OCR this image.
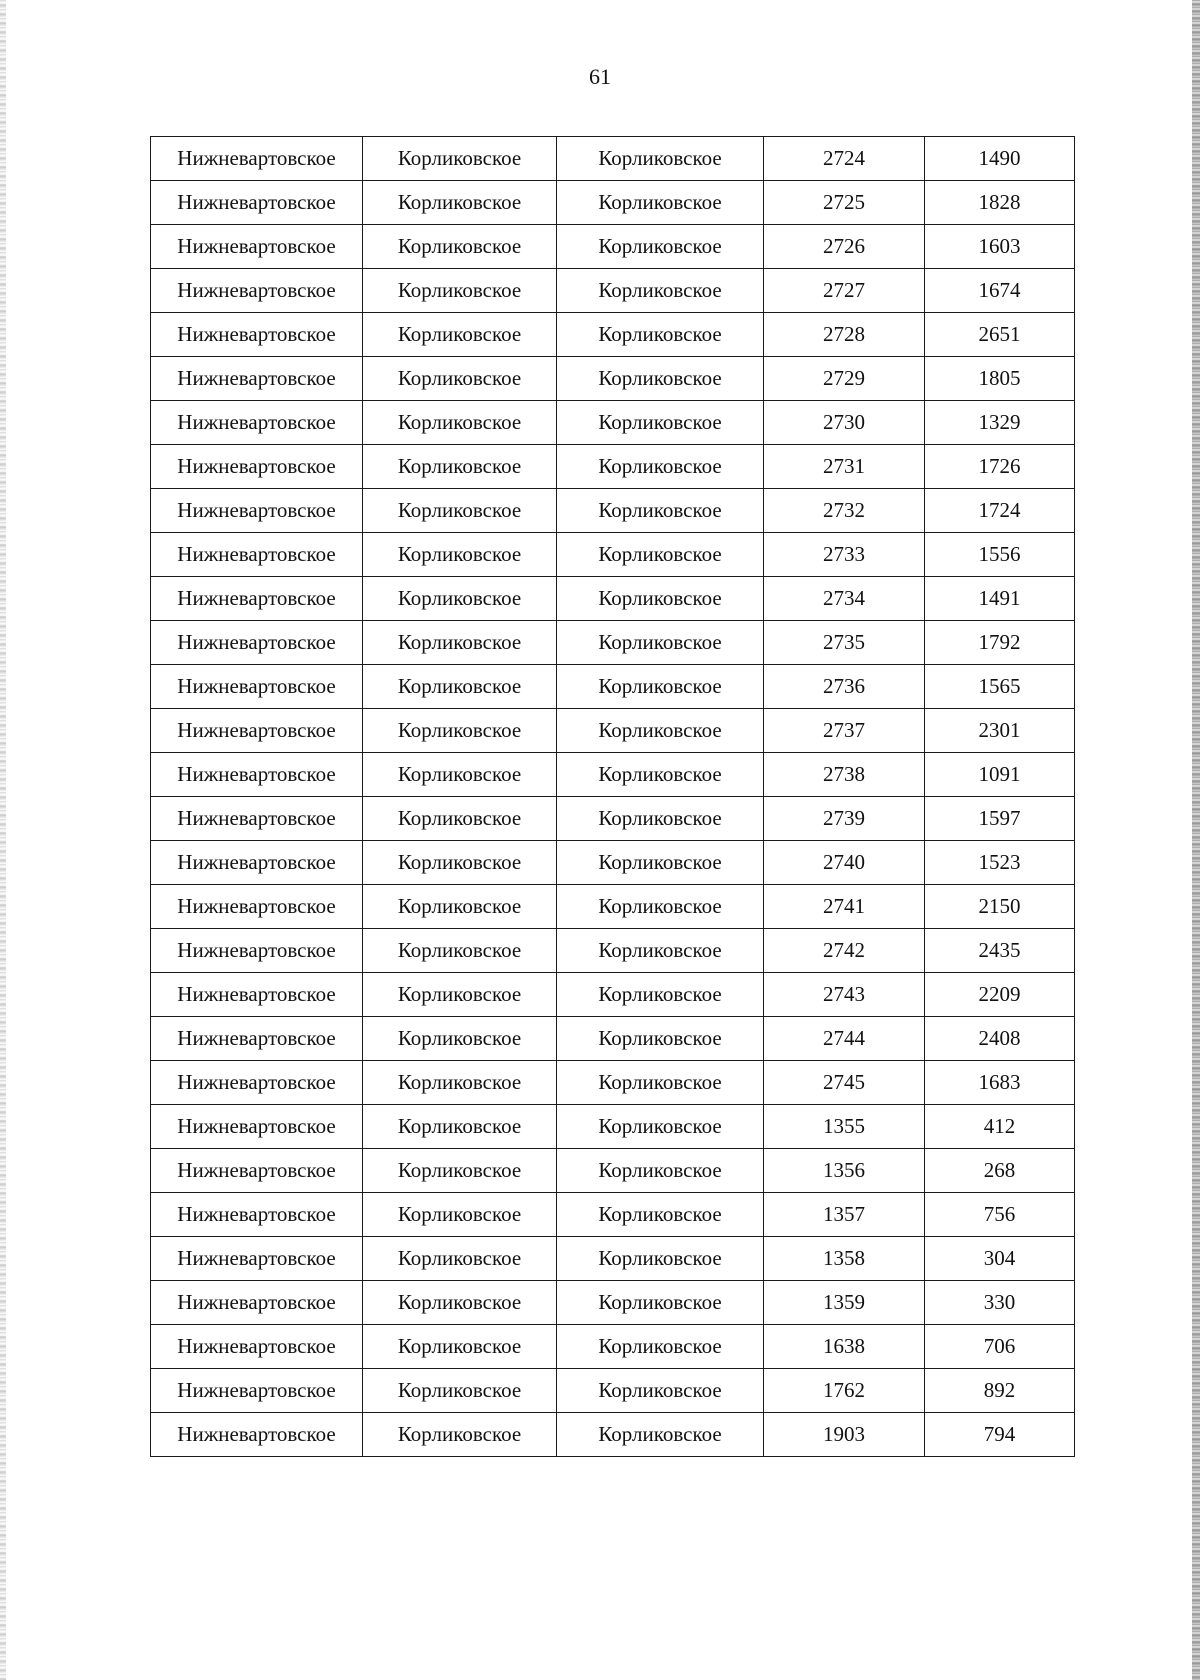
61
Нижневартовское	Корликовское	Корликовское	2724	1490
Нижневартовское	Корликовское	Корликовское	2725	1828
Нижневартовское	Корликовское	Корликовское	2726	1603
Нижневартовское	Корликовское	Корликовское	2727	1674
Нижневартовское	Корликовское	Корликовское	2728	2651
Нижневартовское	Корликовское	Корликовское	2729	1805
Нижневартовское	Корликовское	Корликовское	2730	1329
Нижневартовское	Корликовское	Корликовское	2731	1726
Нижневартовское	Корликовское	Корликовское	2732	1724
Нижневартовское	Корликовское	Корликовское	2733	1556
Нижневартовское	Корликовское	Корликовское	2734	1491
Нижневартовское	Корликовское	Корликовское	2735	1792
Нижневартовское	Корликовское	Корликовское	2736	1565
Нижневартовское	Корликовское	Корликовское	2737	2301
Нижневартовское	Корликовское	Корликовское	2738	1091
Нижневартовское	Корликовское	Корликовское	2739	1597
Нижневартовское	Корликовское	Корликовское	2740	1523
Нижневартовское	Корликовское	Корликовское	2741	2150
Нижневартовское	Корликовское	Корликовское	2742	2435
Нижневартовское	Корликовское	Корликовское	2743	2209
Нижневартовское	Корликовское	Корликовское	2744	2408
Нижневартовское	Корликовское	Корликовское	2745	1683
Нижневартовское	Корликовское	Корликовское	1355	412
Нижневартовское	Корликовское	Корликовское	1356	268
Нижневартовское	Корликовское	Корликовское	1357	756
Нижневартовское	Корликовское	Корликовское	1358	304
Нижневартовское	Корликовское	Корликовское	1359	330
Нижневартовское	Корликовское	Корликовское	1638	706
Нижневартовское	Корликовское	Корликовское	1762	892
Нижневартовское	Корликовское	Корликовское	1903	794
